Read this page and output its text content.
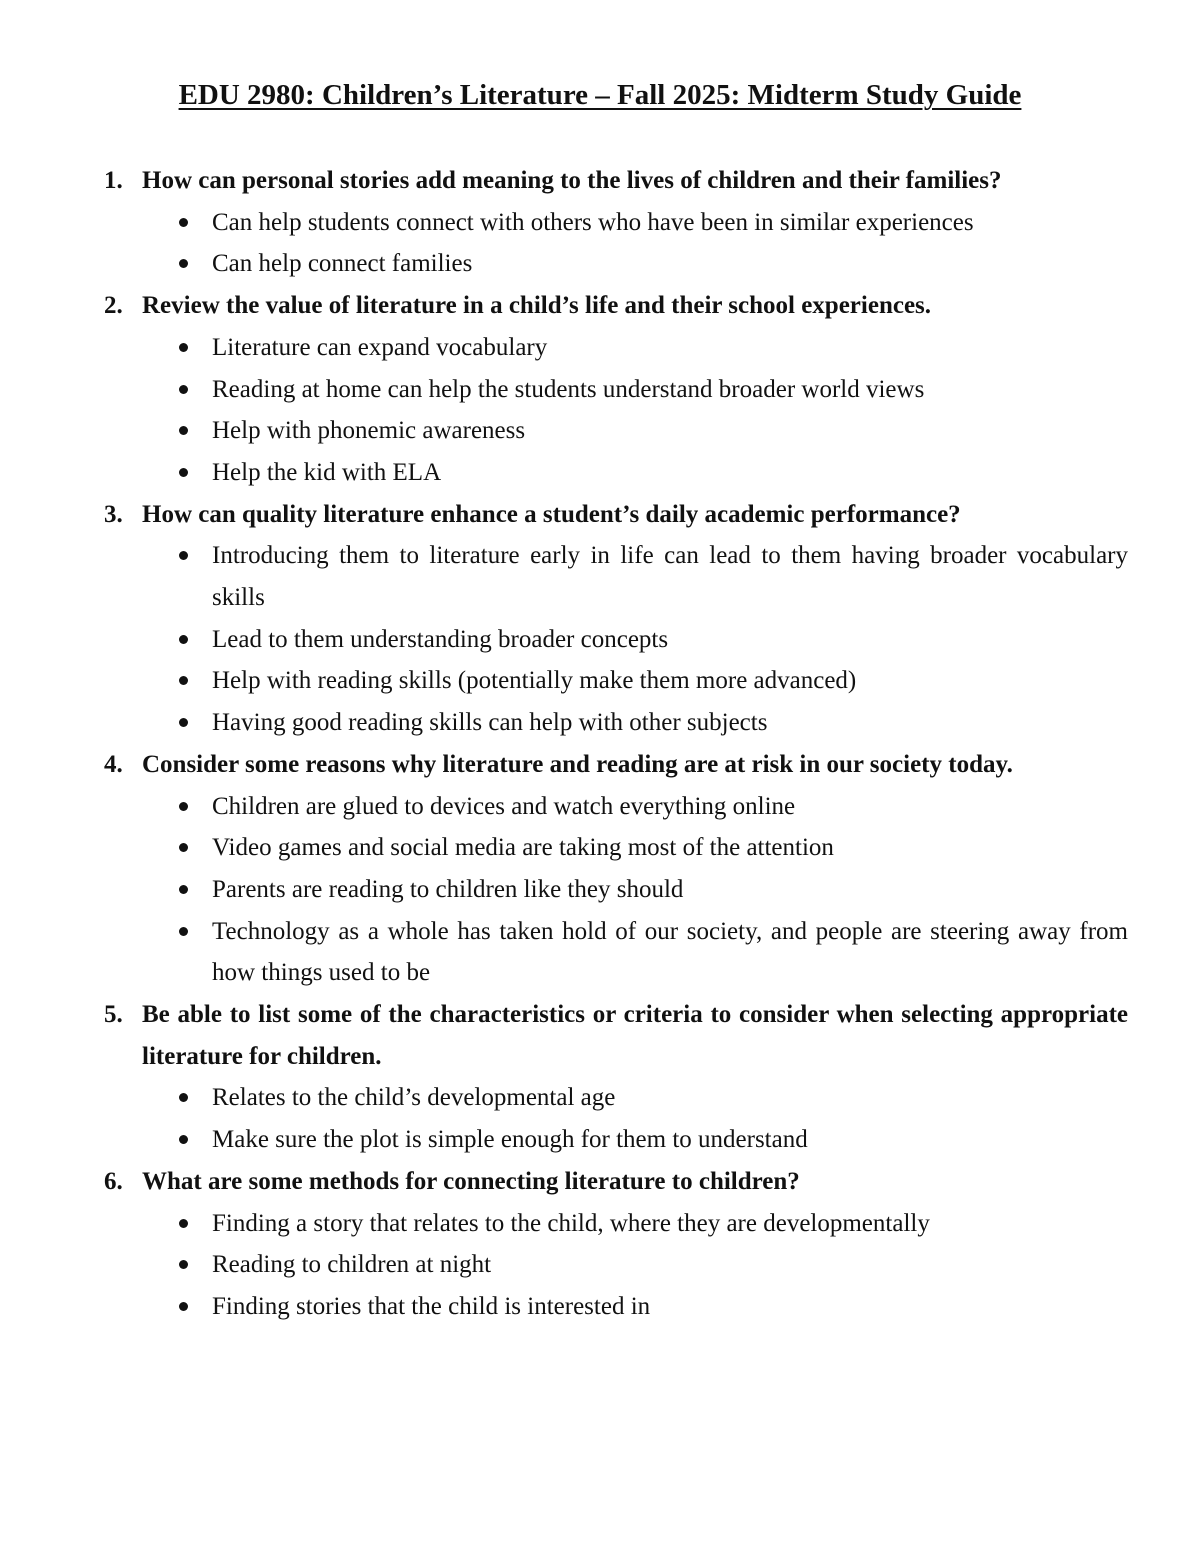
EDU 2980: Children’s Literature – Fall 2025: Midterm Study Guide
1. How can personal stories add meaning to the lives of children and their families?

Can help students connect with others who have been in similar experiences
Can help connect families
2. Review the value of literature in a child’s life and their school experiences.

Literature can expand vocabulary
Reading at home can help the students understand broader world views
Help with phonemic awareness
Help the kid with ELA
3. How can quality literature enhance a student’s daily academic performance?

Introducing them to literature early in life can lead to them having broader vocabulary skills
Lead to them understanding broader concepts
Help with reading skills (potentially make them more advanced)
Having good reading skills can help with other subjects
4. Consider some reasons why literature and reading are at risk in our society today.

Children are glued to devices and watch everything online
Video games and social media are taking most of the attention
Parents are reading to children like they should
Technology as a whole has taken hold of our society, and people are steering away from how things used to be
5. Be able to list some of the characteristics or criteria to consider when selecting appropriate literature for children.

Relates to the child’s developmental age
Make sure the plot is simple enough for them to understand
6. What are some methods for connecting literature to children?

Finding a story that relates to the child, where they are developmentally
Reading to children at night
Finding stories that the child is interested in
